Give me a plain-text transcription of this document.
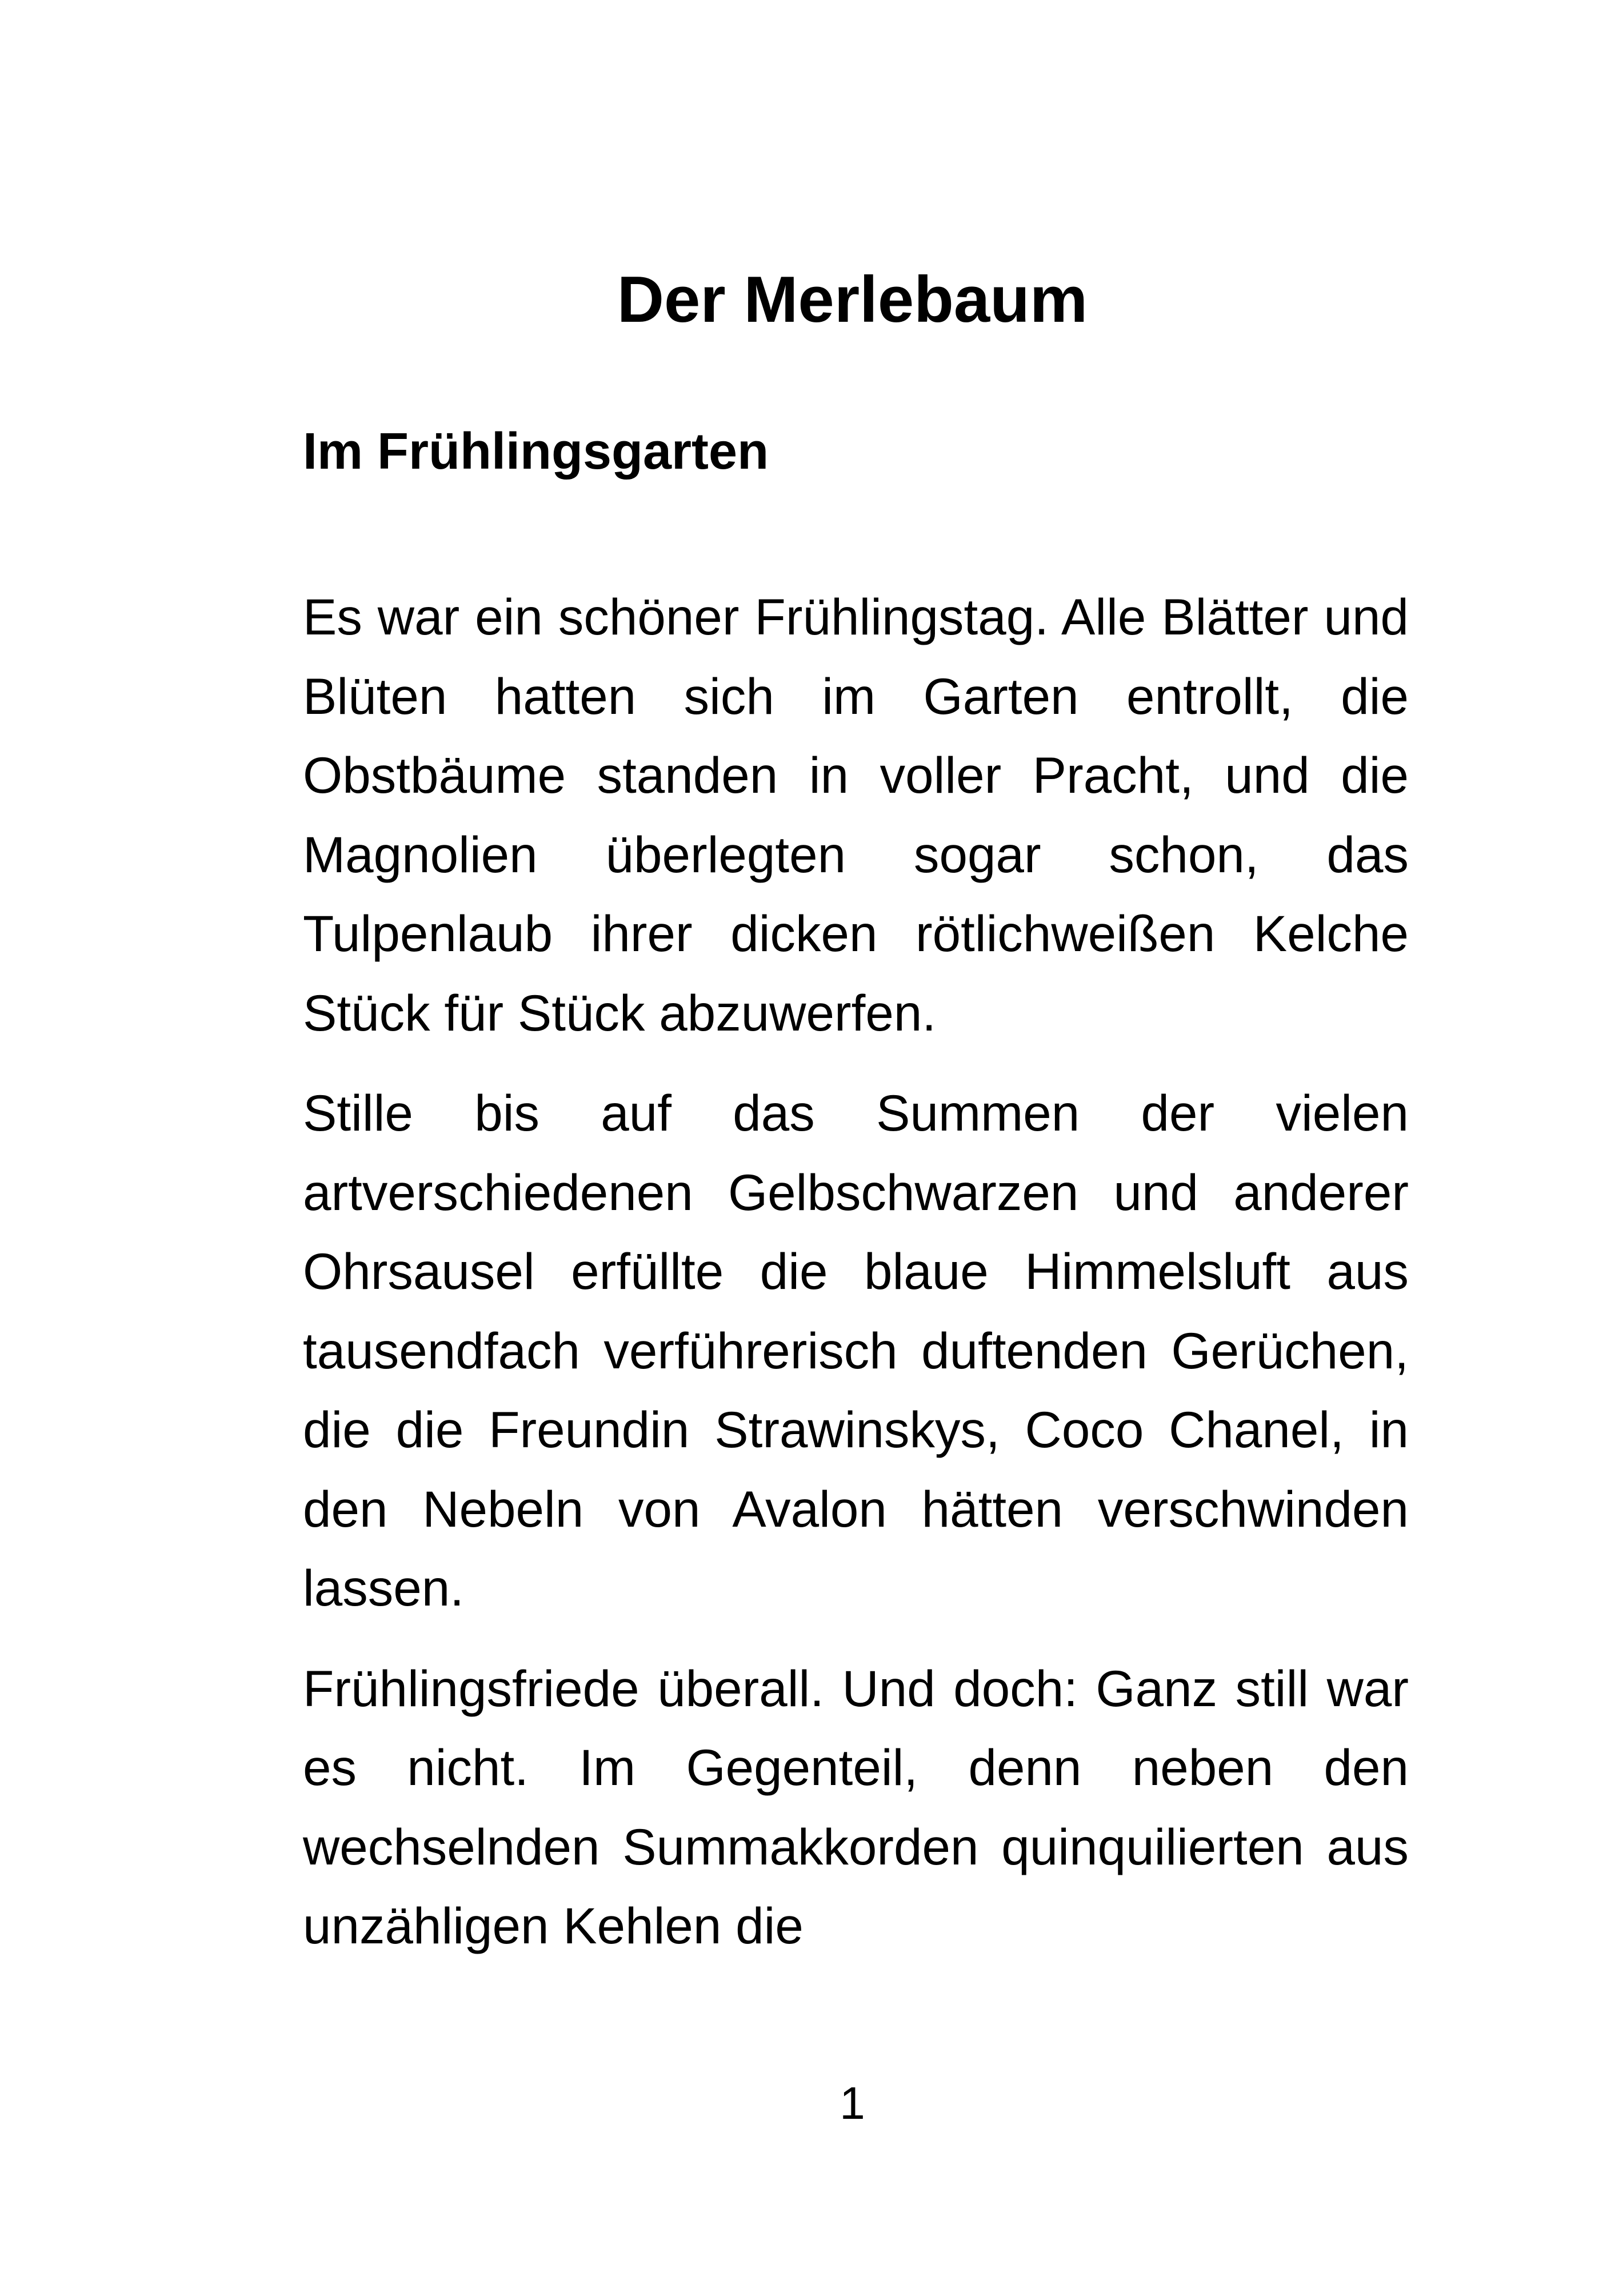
Der Merlebaum
Im Frühlingsgarten

Es war ein schöner Frühlingstag. Alle Blätter und Blüten hatten sich im Garten entrollt, die Obstbäume standen in voller Pracht, und die Magnolien überlegten sogar schon, das Tulpenlaub ihrer dicken rötlichweißen Kelche Stück für Stück abzuwerfen.

Stille bis auf das Summen der vielen artverschiedenen Gelbschwarzen und anderer Ohrsausel erfüllte die blaue Himmelsluft aus tausendfach verführerisch duftenden Gerüchen, die die Freundin Strawinskys, Coco Chanel, in den Nebeln von Avalon hätten verschwinden lassen.

Frühlingsfriede überall. Und doch: Ganz still war es nicht. Im Gegenteil, denn neben den wechselnden Summakkorden quinquilierten aus unzähligen Kehlen die

1
